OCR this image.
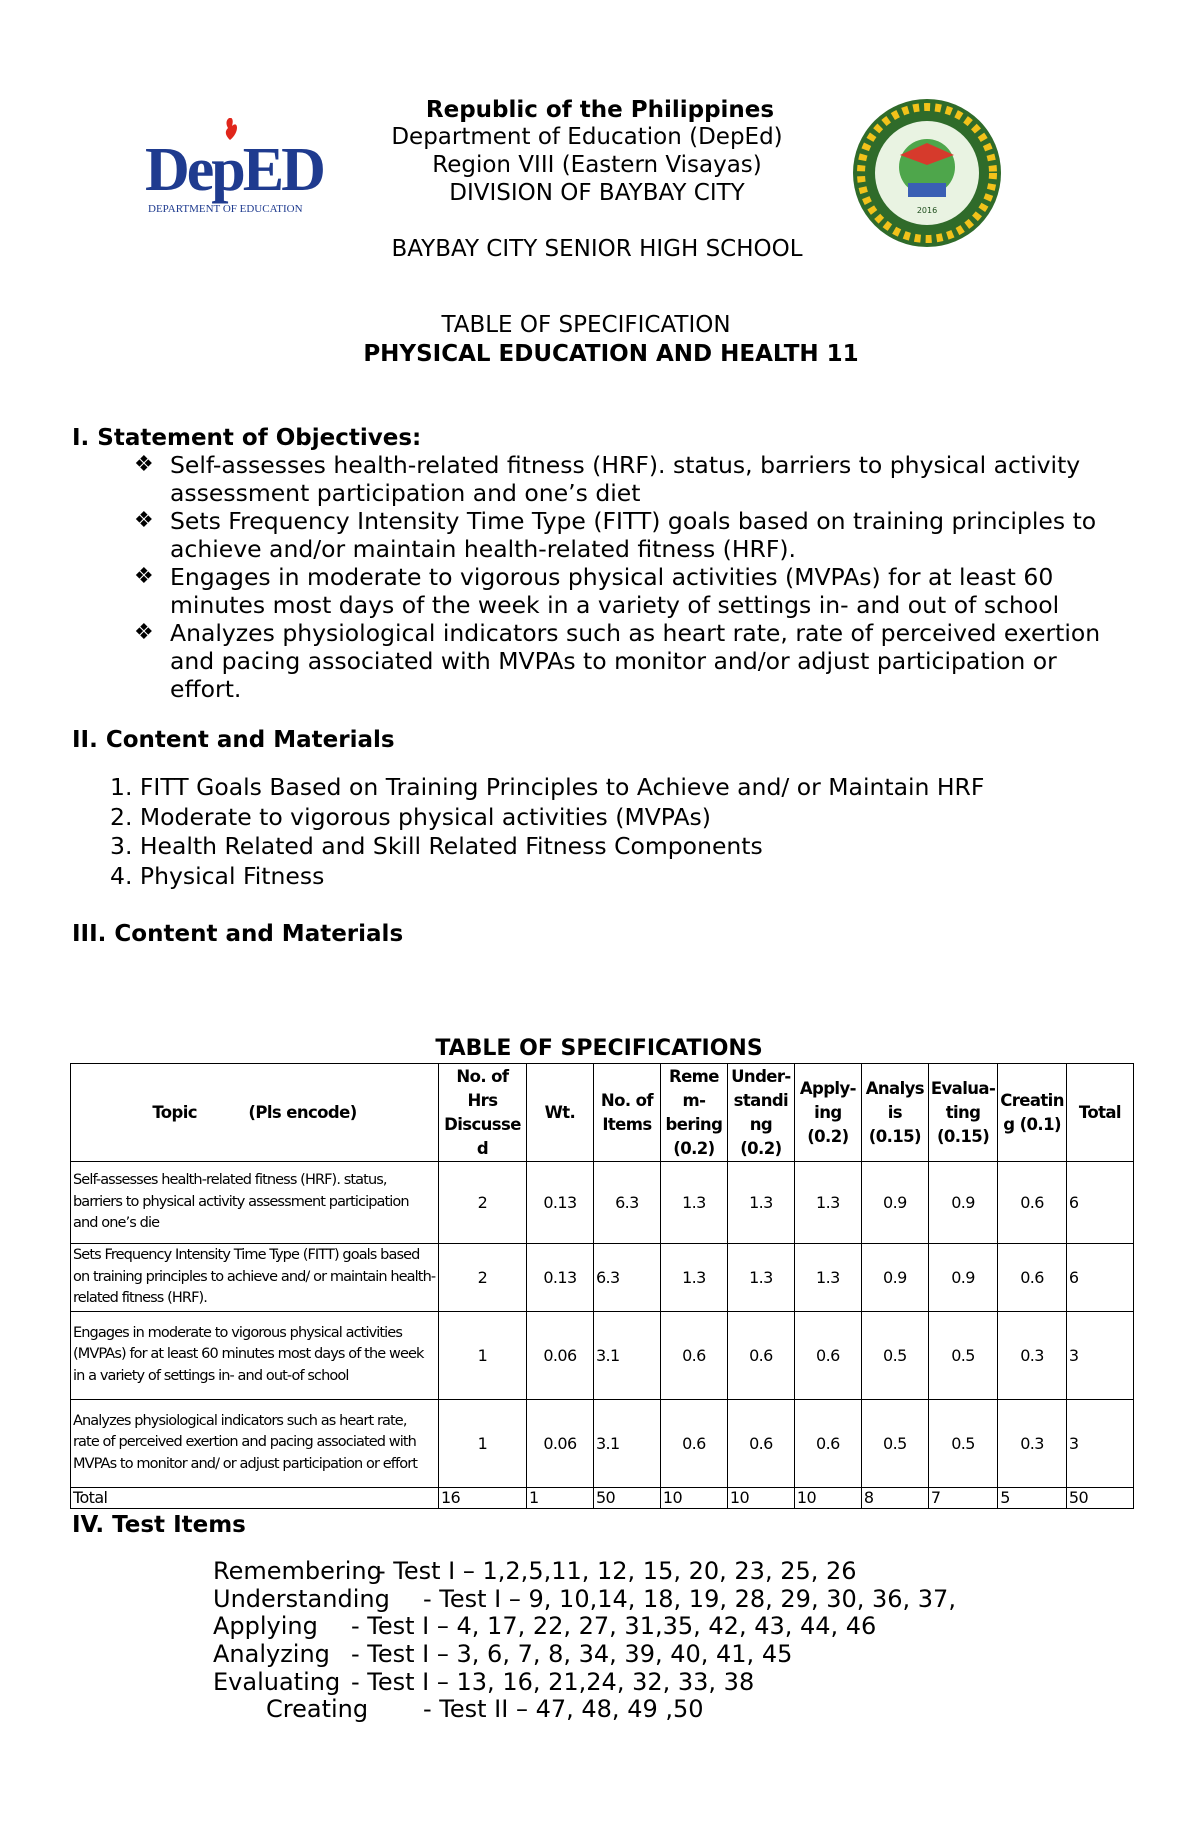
Republic of the Philippines
Department of Education (DepEd)
Region VIII (Eastern Visayas)
DIVISION OF BAYBAY CITY
BAYBAY CITY SENIOR HIGH SCHOOL
TABLE OF SPECIFICATION
PHYSICAL EDUCATION AND HEALTH 11
DepED
DEPARTMENT OF EDUCATION	2016
I. Statement of Objectives:
❖ Self-assesses health-related fitness (HRF). status, barriers to physical activity assessment participation and one’s diet
❖ Sets Frequency Intensity Time Type (FITT) goals based on training principles to achieve and/or maintain health-related fitness (HRF).
❖ Engages in moderate to vigorous physical activities (MVPAs) for at least 60 minutes most days of the week in a variety of settings in- and out of school
❖ Analyzes physiological indicators such as heart rate, rate of perceived exertion and pacing associated with MVPAs to monitor and/or adjust participation or effort.
II. Content and Materials
1. FITT Goals Based on Training Principles to Achieve and/ or Maintain HRF
2. Moderate to vigorous physical activities (MVPAs)
3. Health Related and Skill Related Fitness Components
4. Physical Fitness
III. Content and Materials
TABLE OF SPECIFICATIONS
Topic          (Pls encode)	No. of Hrs Discusse d	Wt.	No. of Items	Reme m- bering (0.2)	Under- standi ng (0.2)	Apply- ing (0.2)	Analys is (0.15)	Evalua- ting (0.15)	Creatin g (0.1)	Total
Self-assesses health-related fitness (HRF). status, barriers to physical activity assessment participation and one’s die	2	0.13	6.3	1.3	1.3	1.3	0.9	0.9	0.6	6
Sets Frequency Intensity Time Type (FITT) goals based on training principles to achieve and/ or maintain health-related fitness (HRF).	2	0.13	6.3	1.3	1.3	1.3	0.9	0.9	0.6	6
Engages in moderate to vigorous physical activities (MVPAs) for at least 60 minutes most days of the week in a variety of settings in- and out-of school	1	0.06	3.1	0.6	0.6	0.6	0.5	0.5	0.3	3
Analyzes physiological indicators such as heart rate, rate of perceived exertion and pacing associated with MVPAs to monitor and/ or adjust participation or effort	1	0.06	3.1	0.6	0.6	0.6	0.5	0.5	0.3	3
Total	16	1	50	10	10	10	8	7	5	50
IV. Test Items
Remembering
- Test I – 1,2,5,11, 12, 15, 20, 23, 25, 26
Understanding - Test I – 9, 10,14, 18, 19, 28, 29, 30, 36, 37,
Applying - Test I – 4, 17, 22, 27, 31,35, 42, 43, 44, 46
Analyzing - Test I – 3, 6, 7, 8, 34, 39, 40, 41, 45
Evaluating - Test I – 13, 16, 21,24, 32, 33, 38
Creating - Test II – 47, 48, 49 ,50
